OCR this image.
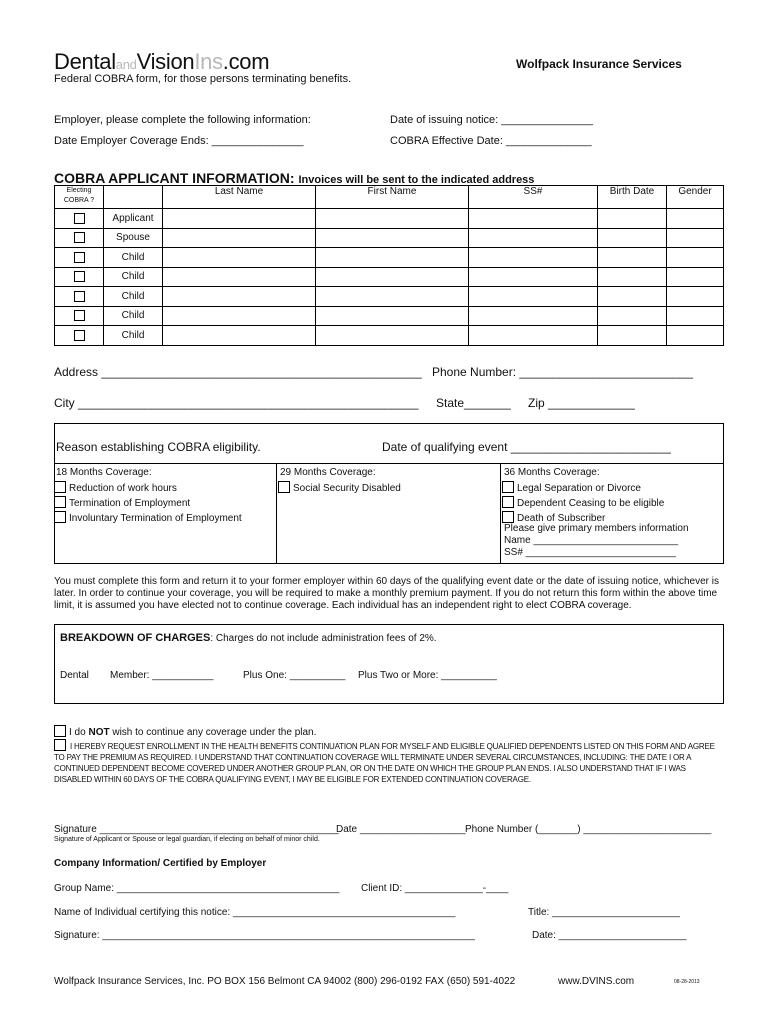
DentalandVisionIns.com	Wolfpack Insurance Services
Federal COBRA form, for those persons terminating benefits.
Employer, please complete the following information:	Date of issuing notice: _______________
Date Employer Coverage Ends: _______________	COBRA Effective Date: ______________
COBRA APPLICANT INFORMATION: Invoices will be sent to the indicated address
Electing
COBRA ?		Last Name	First Name	SS#	Birth Date	Gender
	Applicant					
	Spouse					
	Child					
	Child					
	Child					
	Child					
	Child					
Address ________________________________________________ Phone Number: __________________________
City ___________________________________________________ State_______ Zip _____________
Reason establishing COBRA eligibility.	Date of qualifying event ________________________
18 Months Coverage:
Reduction of work hours
Termination of Employment
Involuntary Termination of Employment
29 Months Coverage:
Social Security Disabled
36 Months Coverage:
Legal Separation or Divorce
Dependent Ceasing to be eligible
Death of Subscriber
Please give primary members information
Name __________________________
SS# ___________________________
You must complete this form and return it to your former employer within 60 days of the qualifying event date or the date of issuing notice, whichever is later. In order to continue your coverage, you will be required to make a monthly premium payment. If you do not return this form within the above time limit, it is assumed you have elected not to continue coverage. Each individual has an independent right to elect COBRA coverage.
BREAKDOWN OF CHARGES: Charges do not include administration fees of 2%.
Dental Member: ___________	Plus One: __________ Plus Two or More: __________
I do NOT wish to continue any coverage under the plan.
I HEREBY REQUEST ENROLLMENT IN THE HEALTH BENEFITS CONTINUATION PLAN FOR MYSELF AND ELIGIBLE QUALIFIED DEPENDENTS LISTED ON THIS FORM AND AGREE TO PAY THE PREMIUM AS REQUIRED. I UNDERSTAND THAT CONTINUATION COVERAGE WILL TERMINATE UNDER SEVERAL CIRCUMSTANCES, INCLUDING: THE DATE I OR A CONTINUED DEPENDENT BECOME COVERED UNDER ANOTHER GROUP PLAN, OR ON THE DATE ON WHICH THE GROUP PLAN ENDS. I ALSO UNDERSTAND THAT IF I WAS DISABLED WITHIN 60 DAYS OF THE COBRA QUALIFYING EVENT, I MAY BE ELIGIBLE FOR EXTENDED CONTINUATION COVERAGE.
Signature ___________________________________________
Date ___________________ Phone Number (_______) _______________________
Signature of Applicant or Spouse or legal guardian, if electing on behalf of minor child.
Company Information/ Certified by Employer
Group Name: ________________________________________ Client ID: ______________-____
Name of Individual certifying this notice: ________________________________________	Title: _______________________
Signature: ___________________________________________________________________	Date: _______________________
Wolfpack Insurance Services, Inc. PO BOX 156 Belmont CA 94002 (800) 296-0192 FAX (650) 591-4022	www.DVINS.com	08-28-2013
